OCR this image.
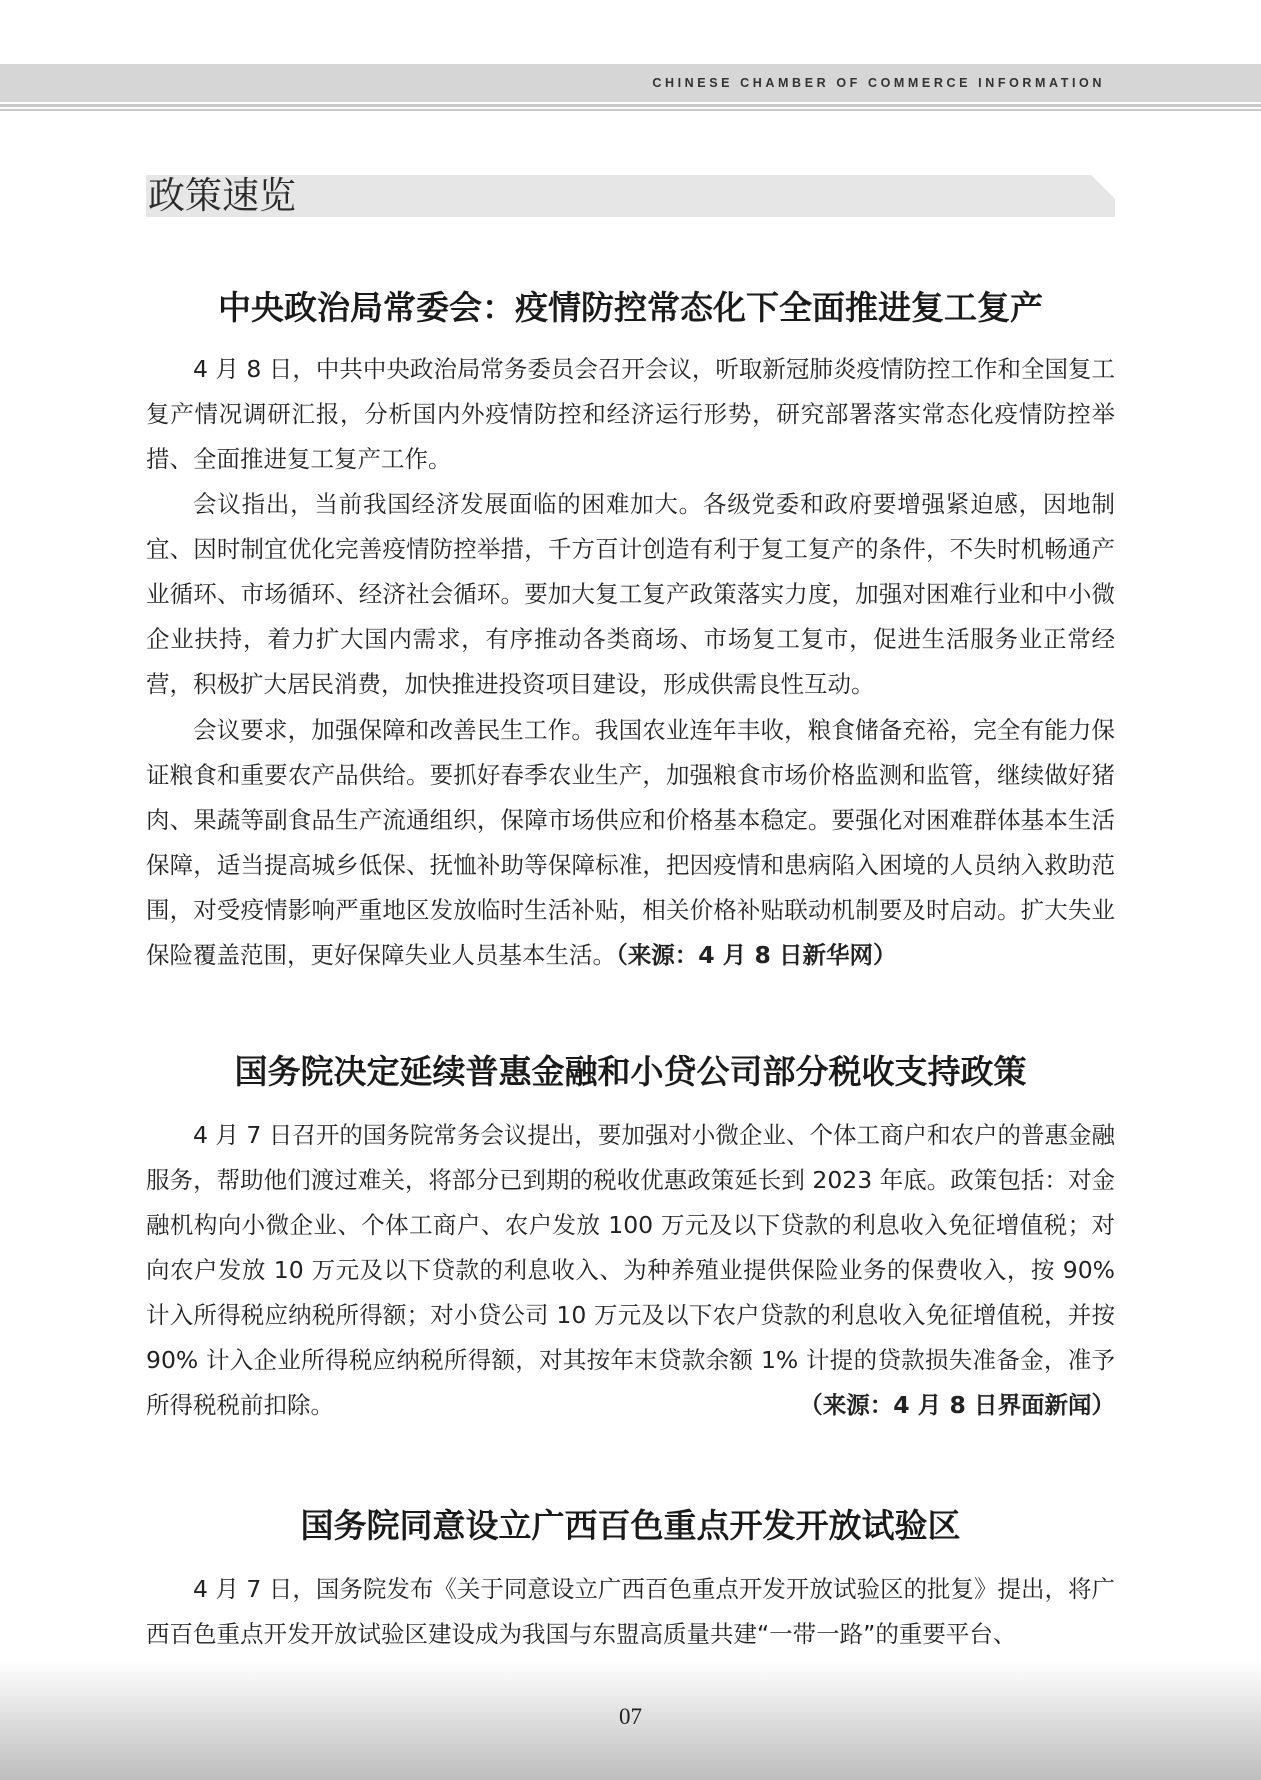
CHINESE CHAMBER OF COMMERCE INFORMATION
政策速览
中央政治局常委会：疫情防控常态化下全面推进复工复产

4 月 8 日，中共中央政治局常务委员会召开会议，听取新冠肺炎疫情防控工作和全国复工复产情况调研汇报，分析国内外疫情防控和经济运行形势，研究部署落实常态化疫情防控举措、全面推进复工复产工作。

会议指出，当前我国经济发展面临的困难加大。各级党委和政府要增强紧迫感，因地制宜、因时制宜优化完善疫情防控举措，千方百计创造有利于复工复产的条件，不失时机畅通产业循环、市场循环、经济社会循环。要加大复工复产政策落实力度，加强对困难行业和中小微企业扶持，着力扩大国内需求，有序推动各类商场、市场复工复市，促进生活服务业正常经营，积极扩大居民消费，加快推进投资项目建设，形成供需良性互动。

会议要求，加强保障和改善民生工作。我国农业连年丰收，粮食储备充裕，完全有能力保证粮食和重要农产品供给。要抓好春季农业生产，加强粮食市场价格监测和监管，继续做好猪肉、果蔬等副食品生产流通组织，保障市场供应和价格基本稳定。要强化对困难群体基本生活保障，适当提高城乡低保、抚恤补助等保障标准，把因疫情和患病陷入困境的人员纳入救助范围，对受疫情影响严重地区发放临时生活补贴，相关价格补贴联动机制要及时启动。扩大失业保险覆盖范围，更好保障失业人员基本生活。（来源：4 月 8 日新华网）

国务院决定延续普惠金融和小贷公司部分税收支持政策

4 月 7 日召开的国务院常务会议提出，要加强对小微企业、个体工商户和农户的普惠金融服务，帮助他们渡过难关，将部分已到期的税收优惠政策延长到 2023 年底。政策包括：对金融机构向小微企业、个体工商户、农户发放 100 万元及以下贷款的利息收入免征增值税；对向农户发放 10 万元及以下贷款的利息收入、为种养殖业提供保险业务的保费收入，按 90% 计入所得税应纳税所得额；对小贷公司 10 万元及以下农户贷款的利息收入免征增值税，并按 90% 计入企业所得税应纳税所得额，对其按年末贷款余额 1% 计提的贷款损失准备金，准予所得税税前扣除。	（来源：4 月 8 日界面新闻）

国务院同意设立广西百色重点开发开放试验区

4 月 7 日，国务院发布《关于同意设立广西百色重点开发开放试验区的批复》提出，将广西百色重点开发开放试验区建设成为我国与东盟高质量共建“一带一路”的重要平台、

07
